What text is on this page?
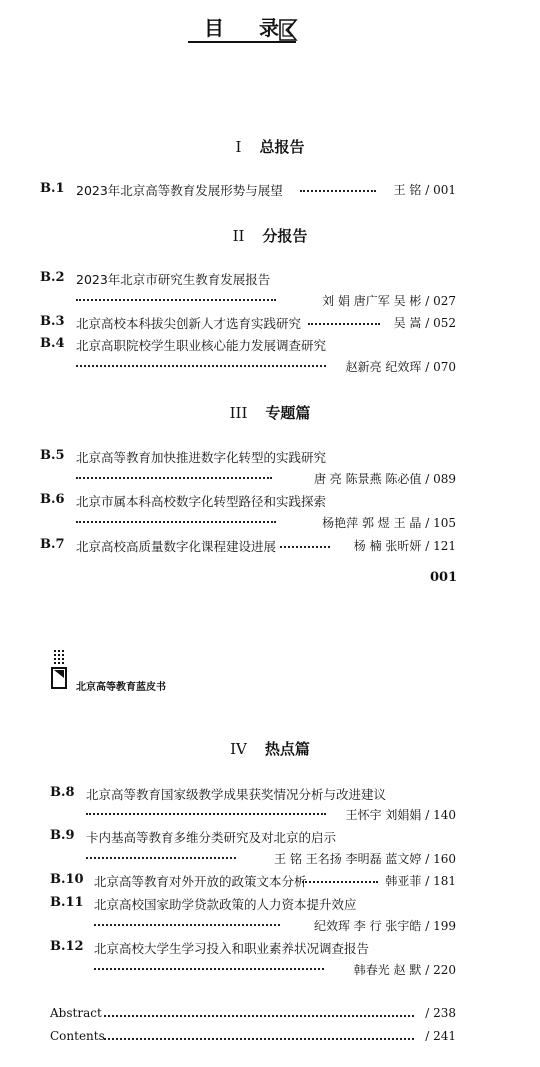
目 录
I 总报告
B.1 2023年北京高等教育发展形势与展望	王 铭 / 001
II 分报告
B.2 2023年北京市研究生教育发展报告
刘 娟 唐广军 吴 彬 / 027
B.3 北京高校本科拔尖创新人才选育实践研究	吴 嵩 / 052
B.4 北京高职院校学生职业核心能力发展调查研究
赵新亮 纪效珲 / 070
III 专题篇
B.5 北京高等教育加快推进数字化转型的实践研究
唐 亮 陈景燕 陈必值 / 089
B.6 北京市属本科高校数字化转型路径和实践探索
杨艳萍 郭 煜 王 晶 / 105
B.7 北京高校高质量数字化课程建设进展	杨 楠 张昕妍 / 121
001
北京高等教育蓝皮书
IV 热点篇
B.8 北京高等教育国家级教学成果获奖情况分析与改进建议
王怀宇 刘娟娟 / 140
B.9 卡内基高等教育多维分类研究及对北京的启示
王 铭 王名扬 李明磊 蓝文婷 / 160
B.10 北京高等教育对外开放的政策文本分析	韩亚菲 / 181
B.11 北京高校国家助学贷款政策的人力资本提升效应
纪效珲 李 行 张宇皓 / 199
B.12 北京高校大学生学习投入和职业素养状况调查报告
韩春光 赵 默 / 220
Abstract	/ 238
Contents	/ 241
